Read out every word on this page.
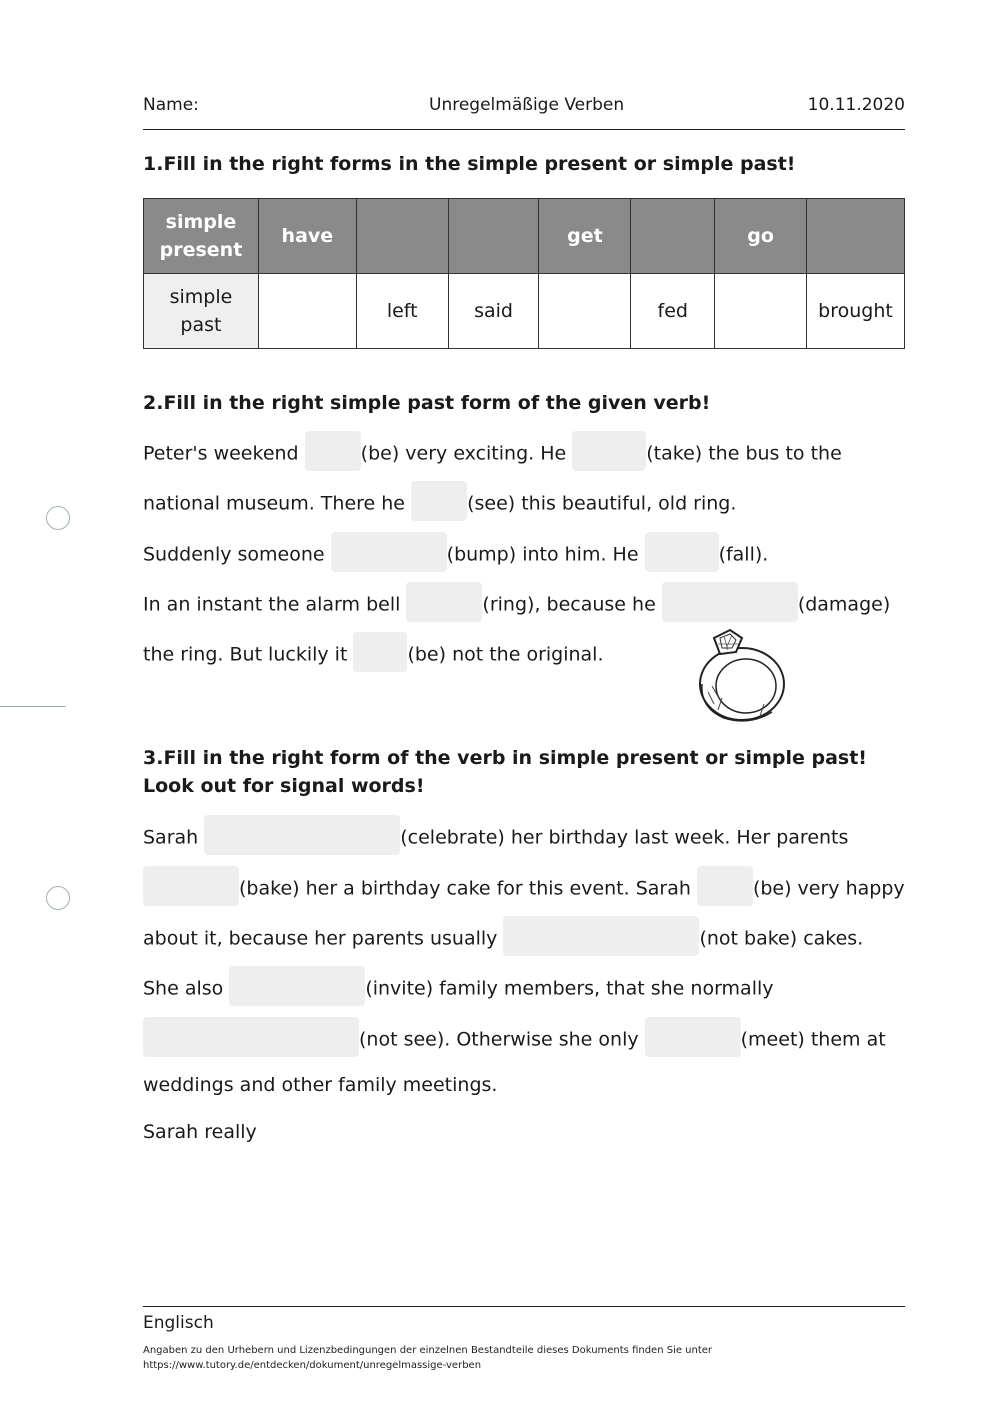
Name:	Unregelmäßige Verben	10.11.2020
1.Fill in the right forms in the simple present or simple past!
simple present	have			get		go	
simple past		left	said		fed		brought
2.Fill in the right simple past form of the given verb!
Peter's weekend	(be) very exciting. He	(take) the bus to the
national museum. There he	(see) this beautiful, old ring.
Suddenly someone	(bump) into him. He	(fall).
In an instant the alarm bell	(ring), because he	(damage)
the ring. But luckily it	(be) not the original.
3.Fill in the right form of the verb in simple present or simple past!
Look out for signal words!
Sarah	(celebrate) her birthday last week. Her parents
(bake) her a birthday cake for this event. Sarah	(be) very happy
about it, because her parents usually	(not bake) cakes.
She also	(invite) family members, that she normally
(not see). Otherwise she only	(meet) them at
weddings and other family meetings.
Sarah really
Englisch
Angaben zu den Urhebern und Lizenzbedingungen der einzelnen Bestandteile dieses Dokuments finden Sie unter
https://www.tutory.de/entdecken/dokument/unregelmassige-verben
